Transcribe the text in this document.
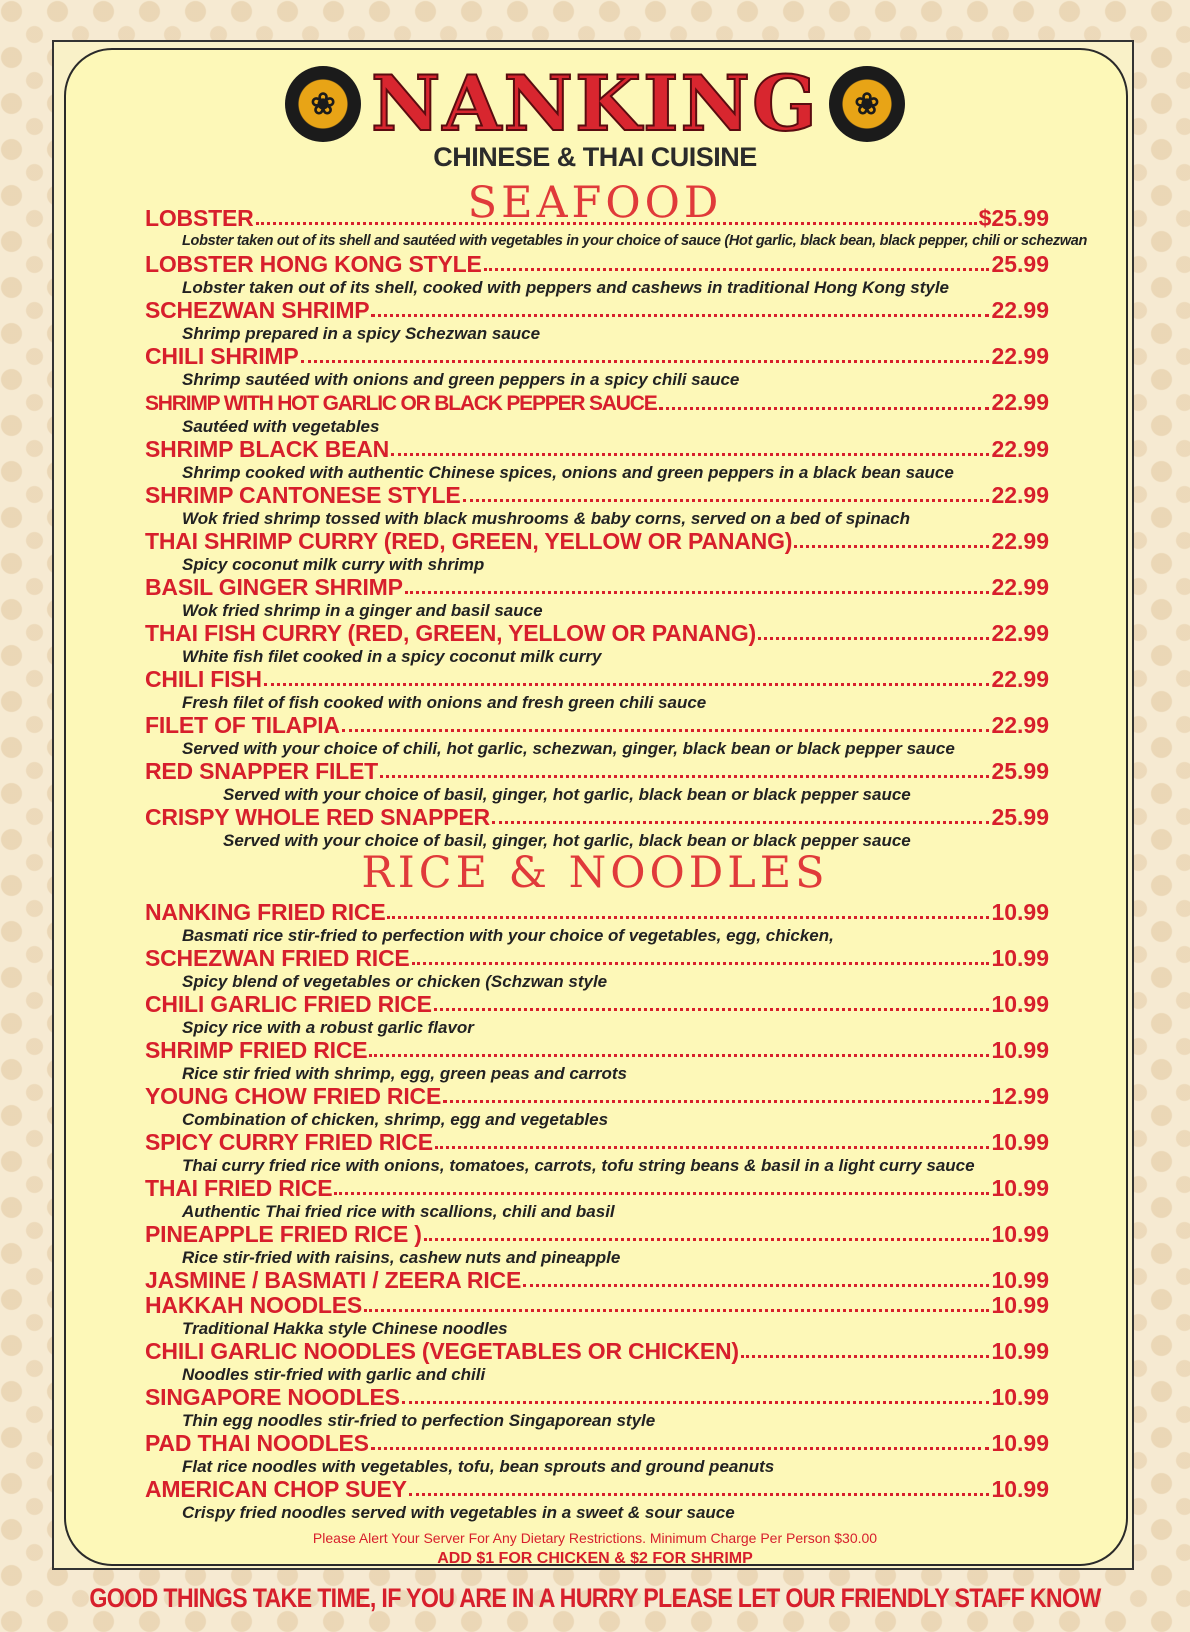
❀ NANKING	❀
CHINESE & THAI CUISINE
SEAFOOD
LOBSTER	$25.99
Lobster taken out of its shell and sautéed with vegetables in your choice of sauce (Hot garlic, black bean, black pepper, chili or schezwan
LOBSTER HONG KONG STYLE	25.99
Lobster taken out of its shell, cooked with peppers and cashews in traditional Hong Kong style
SCHEZWAN SHRIMP	22.99
Shrimp prepared in a spicy Schezwan sauce
CHILI SHRIMP	22.99
Shrimp sautéed with onions and green peppers in a spicy chili sauce
SHRIMP WITH HOT GARLIC OR BLACK PEPPER SAUCE	22.99
Sautéed with vegetables
SHRIMP BLACK BEAN	22.99
Shrimp cooked with authentic Chinese spices, onions and green peppers in a black bean sauce
SHRIMP CANTONESE STYLE	22.99
Wok fried shrimp tossed with black mushrooms & baby corns, served on a bed of spinach
THAI SHRIMP CURRY (RED, GREEN, YELLOW OR PANANG)	22.99
Spicy coconut milk curry with shrimp
BASIL GINGER SHRIMP	22.99
Wok fried shrimp in a ginger and basil sauce
THAI FISH CURRY (RED, GREEN, YELLOW OR PANANG)	22.99
White fish filet cooked in a spicy coconut milk curry
CHILI FISH	22.99
Fresh filet of fish cooked with onions and fresh green chili sauce
FILET OF TILAPIA	22.99
Served with your choice of chili, hot garlic, schezwan, ginger, black bean or black pepper sauce
RED SNAPPER FILET	25.99
Served with your choice of basil, ginger, hot garlic, black bean or black pepper sauce
CRISPY WHOLE RED SNAPPER	25.99
Served with your choice of basil, ginger, hot garlic, black bean or black pepper sauce
RICE & NOODLES
NANKING FRIED RICE	10.99
Basmati rice stir-fried to perfection with your choice of vegetables, egg, chicken,
SCHEZWAN FRIED RICE	10.99
Spicy blend of vegetables or chicken (Schzwan style
CHILI GARLIC FRIED RICE	10.99
Spicy rice with a robust garlic flavor
SHRIMP FRIED RICE	10.99
Rice stir fried with shrimp, egg, green peas and carrots
YOUNG CHOW FRIED RICE	12.99
Combination of chicken, shrimp, egg and vegetables
SPICY CURRY FRIED RICE	10.99
Thai curry fried rice with onions, tomatoes, carrots, tofu string beans & basil in a light curry sauce
THAI FRIED RICE	10.99
Authentic Thai fried rice with scallions, chili and basil
PINEAPPLE FRIED RICE )	10.99
Rice stir-fried with raisins, cashew nuts and pineapple
JASMINE / BASMATI / ZEERA RICE	10.99
HAKKAH NOODLES	10.99
Traditional Hakka style Chinese noodles
CHILI GARLIC NOODLES (VEGETABLES OR CHICKEN)	10.99
Noodles stir-fried with garlic and chili
SINGAPORE NOODLES	10.99
Thin egg noodles stir-fried to perfection Singaporean style
PAD THAI NOODLES	10.99
Flat rice noodles with vegetables, tofu, bean sprouts and ground peanuts
AMERICAN CHOP SUEY	10.99
Crispy fried noodles served with vegetables in a sweet & sour sauce
Please Alert Your Server For Any Dietary Restrictions. Minimum Charge Per Person $30.00
ADD $1 FOR CHICKEN & $2 FOR SHRIMP
GOOD THINGS TAKE TIME, IF YOU ARE IN A HURRY PLEASE LET OUR FRIENDLY STAFF KNOW
